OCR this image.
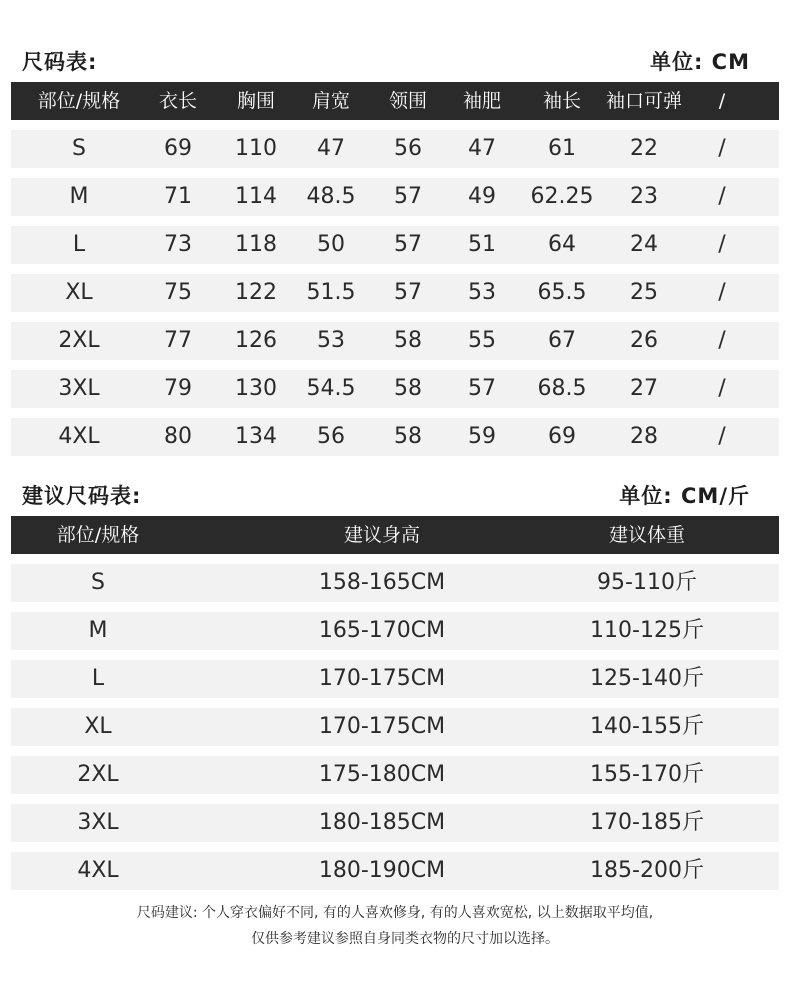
尺码表:	单位: CM
部位/规格 衣长 胸围 肩宽 领围 袖肥 袖长 袖口可弹 /
S	69 110 47 56 47 61 22	/
M	71 114 48.5 57 49 62.25 23	/
L	73 118 50 57 51 64 24	/
XL	75 122 51.5 57 53 65.5 25	/
2XL	77 126 53 58 55 67 26	/
3XL	79 130 54.5 58 57 68.5 27	/
4XL	80 134 56 58 59 69 28	/
建议尺码表:	单位: CM/斤
部位/规格	建议身高	建议体重
S	158-165CM	95-110斤
M	165-170CM	110-125斤
L	170-175CM	125-140斤
XL	170-175CM	140-155斤
2XL	175-180CM	155-170斤
3XL	180-185CM	170-185斤
4XL	180-190CM	185-200斤
尺码建议: 个人穿衣偏好不同, 有的人喜欢修身, 有的人喜欢宽松, 以上数据取平均值,
仅供参考建议参照自身同类衣物的尺寸加以选择。
